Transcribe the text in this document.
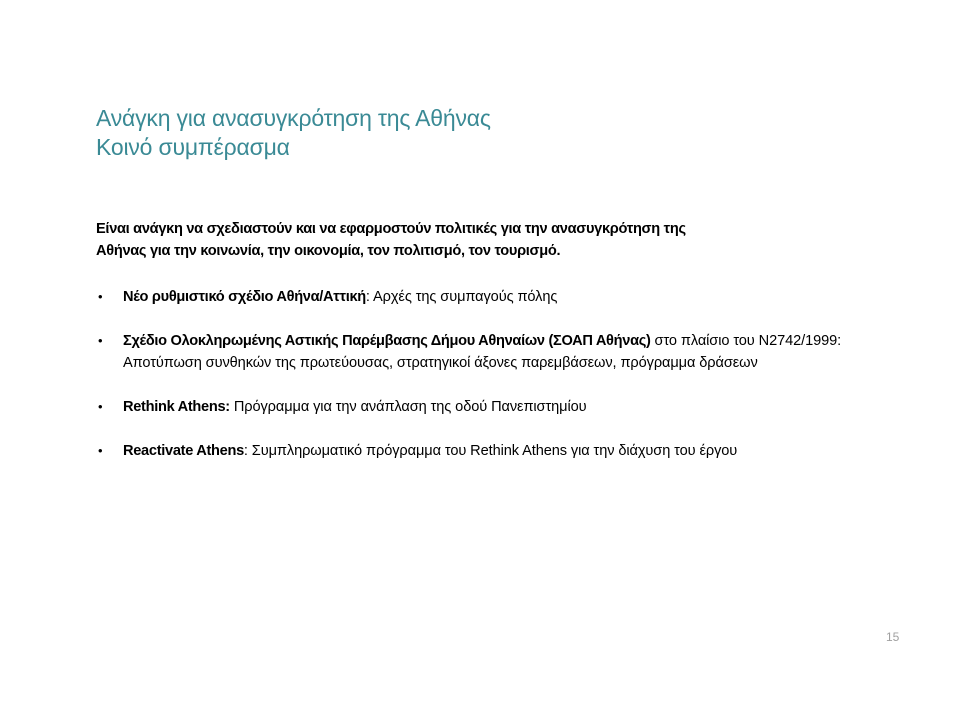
Ανάγκη για ανασυγκρότηση της Αθήνας
Κοινό συμπέρασμα

Είναι ανάγκη να σχεδιαστούν και να εφαρμοστούν πολιτικές για την ανασυγκρότηση της
Αθήνας για την κοινωνία, την οικονομία, τον πολιτισμό, τον τουρισμό.

• Νέο ρυθμιστικό σχέδιο Αθήνα/Αττική: Αρχές της συμπαγούς πόλης
• Σχέδιο Ολοκληρωμένης Αστικής Παρέμβασης Δήμου Αθηναίων (ΣΟΑΠ Αθήνας) στο πλαίσιο του Ν2742/1999: Αποτύπωση συνθηκών της πρωτεύουσας, στρατηγικοί άξονες παρεμβάσεων, πρόγραμμα δράσεων
• Rethink Athens: Πρόγραμμα για την ανάπλαση της οδού Πανεπιστημίου
• Reactivate Athens: Συμπληρωματικό πρόγραμμα του Rethink Athens για την διάχυση του έργου
15
